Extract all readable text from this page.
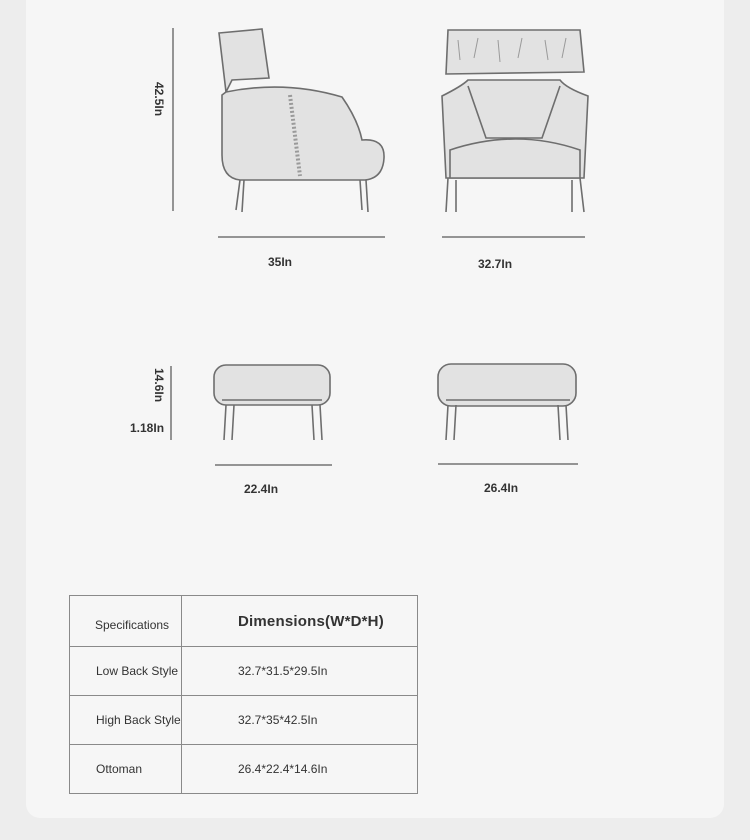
42.5In
35In	32.7In
14.6In
1.18In
22.4In	26.4In
Specifications	Dimensions(W*D*H)
Low Back Style	32.7*31.5*29.5In
High Back Style	32.7*35*42.5In
Ottoman	26.4*22.4*14.6In
